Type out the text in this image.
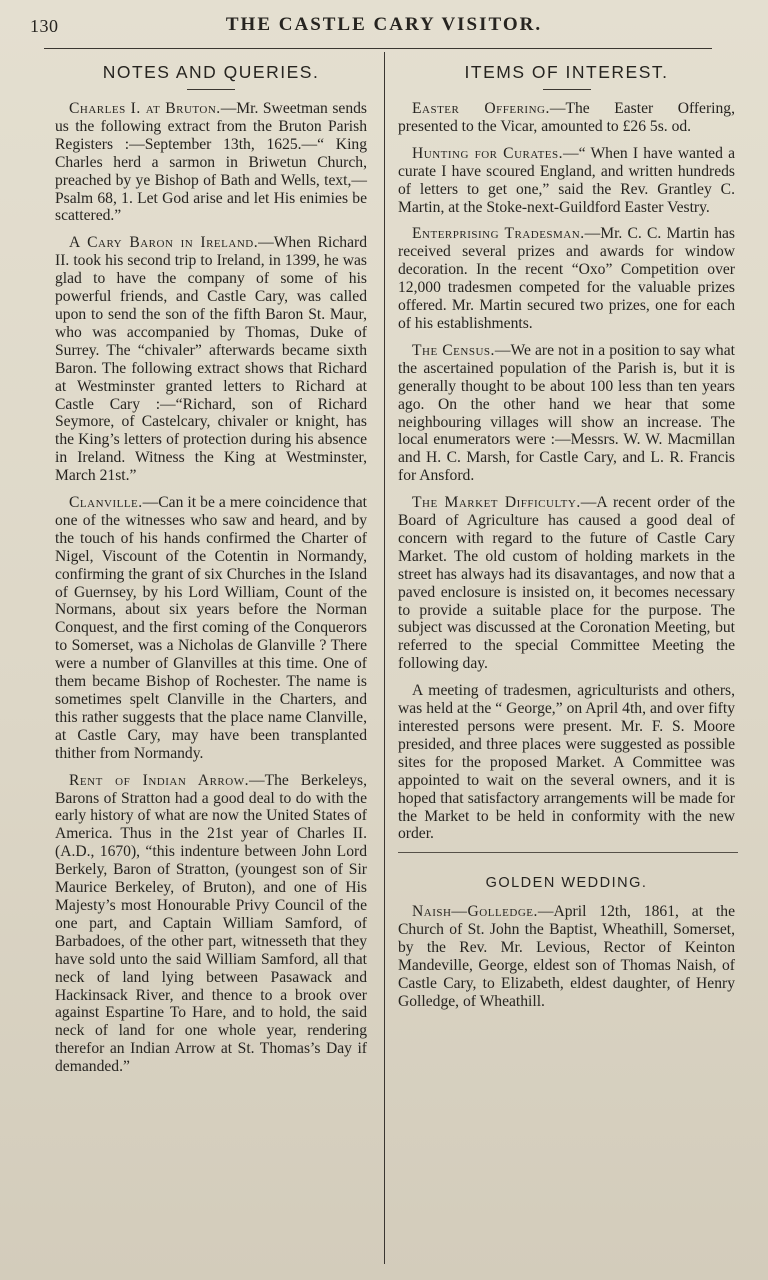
130	THE CASTLE CARY VISITOR.
NOTES AND QUERIES.

Charles I. at Bruton.—Mr. Sweetman sends us the following extract from the Bruton Parish Registers :—September 13th, 1625.—“ King Charles herd a sarmon in Briwetun Church, preached by ye Bishop of Bath and Wells, text,— Psalm 68, 1. Let God arise and let His enimies be scattered.”

A Cary Baron in Ireland.—When Richard II. took his second trip to Ireland, in 1399, he was glad to have the company of some of his powerful friends, and Castle Cary, was called upon to send the son of the fifth Baron St. Maur, who was accompanied by Thomas, Duke of Surrey. The “chivaler” afterwards became sixth Baron. The following extract shows that Richard at Westminster granted letters to Richard at Castle Cary :—“Richard, son of Richard Seymore, of Castelcary, chivaler or knight, has the King’s letters of protection during his absence in Ireland. Witness the King at Westminster, March 21st.”

Clanville.—Can it be a mere coincidence that one of the witnesses who saw and heard, and by the touch of his hands confirmed the Charter of Nigel, Viscount of the Cotentin in Normandy, confirming the grant of six Churches in the Island of Guernsey, by his Lord William, Count of the Normans, about six years before the Norman Conquest, and the first coming of the Conquerors to Somerset, was a Nicholas de Glanville ? There were a number of Glanvilles at this time. One of them became Bishop of Rochester. The name is sometimes spelt Clanville in the Charters, and this rather suggests that the place name Clanville, at Castle Cary, may have been transplanted thither from Normandy.

Rent of Indian Arrow.—The Berkeleys, Barons of Stratton had a good deal to do with the early history of what are now the United States of America. Thus in the 21st year of Charles II. (A.D., 1670), “this indenture between John Lord Berkely, Baron of Stratton, (youngest son of Sir Maurice Berkeley, of Bruton), and one of His Majesty’s most Honourable Privy Council of the one part, and Captain William Samford, of Barbadoes, of the other part, witnesseth that they have sold unto the said William Samford, all that neck of land lying between Pasawack and Hackinsack River, and thence to a brook over against Espartine To Hare, and to hold, the said neck of land for one whole year, rendering therefor an Indian Arrow at St. Thomas’s Day if demanded.”

ITEMS OF INTEREST.

Easter Offering.—The Easter Offering, presented to the Vicar, amounted to £26 5s. od.

Hunting for Curates.—“ When I have wanted a curate I have scoured England, and written hundreds of letters to get one,” said the Rev. Grantley C. Martin, at the Stoke-next-Guildford Easter Vestry.

Enterprising Tradesman.—Mr. C. C. Martin has received several prizes and awards for window decoration. In the recent “Oxo” Competition over 12,000 tradesmen competed for the valuable prizes offered. Mr. Martin secured two prizes, one for each of his establishments.

The Census.—We are not in a position to say what the ascertained population of the Parish is, but it is generally thought to be about 100 less than ten years ago. On the other hand we hear that some neighbouring villages will show an increase. The local enumerators were :—Messrs. W. W. Macmillan and H. C. Marsh, for Castle Cary, and L. R. Francis for Ansford.

The Market Difficulty.—A recent order of the Board of Agriculture has caused a good deal of concern with regard to the future of Castle Cary Market. The old custom of holding markets in the street has always had its disavantages, and now that a paved enclosure is insisted on, it becomes necessary to provide a suitable place for the purpose. The subject was discussed at the Coronation Meeting, but referred to the special Committee Meeting the following day.

A meeting of tradesmen, agriculturists and others, was held at the “ George,” on April 4th, and over fifty interested persons were present. Mr. F. S. Moore presided, and three places were suggested as possible sites for the proposed Market. A Committee was appointed to wait on the several owners, and it is hoped that satisfactory arrangements will be made for the Market to be held in conformity with the new order.

GOLDEN WEDDING.

Naish—Golledge.—April 12th, 1861, at the Church of St. John the Baptist, Wheathill, Somerset, by the Rev. Mr. Levious, Rector of Keinton Mandeville, George, eldest son of Thomas Naish, of Castle Cary, to Elizabeth, eldest daughter, of Henry Golledge, of Wheathill.
